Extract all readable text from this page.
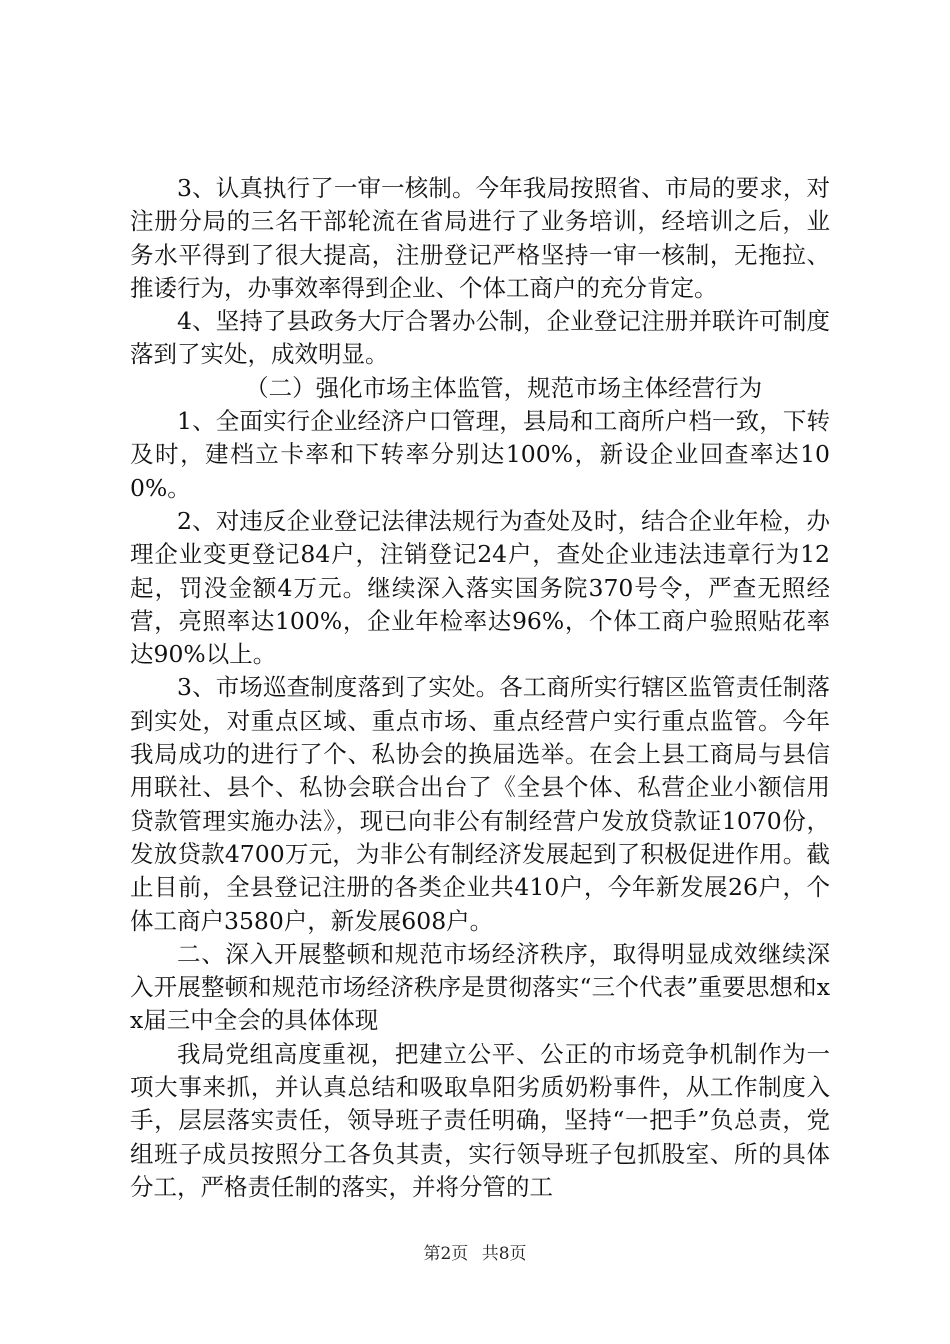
3、认真执行了一审一核制。今年我局按照省、市局的要求，对注册分局的三名干部轮流在省局进行了业务培训，经培训之后，业务水平得到了很大提高，注册登记严格坚持一审一核制，无拖拉、推诿行为，办事效率得到企业、个体工商户的充分肯定。

4、坚持了县政务大厅合署办公制，企业登记注册并联许可制度落到了实处，成效明显。

（二）强化市场主体监管，规范市场主体经营行为

1、全面实行企业经济户口管理，县局和工商所户档一致，下转及时，建档立卡率和下转率分别达100%，新设企业回查率达100%。

2、对违反企业登记法律法规行为查处及时，结合企业年检，办理企业变更登记84户，注销登记24户，查处企业违法违章行为12起，罚没金额4万元。继续深入落实国务院370号令，严查无照经营，亮照率达100%，企业年检率达96%，个体工商户验照贴花率达90%以上。

3、市场巡查制度落到了实处。各工商所实行辖区监管责任制落到实处，对重点区域、重点市场、重点经营户实行重点监管。今年我局成功的进行了个、私协会的换届选举。在会上县工商局与县信用联社、县个、私协会联合出台了《全县个体、私营企业小额信用贷款管理实施办法》，现已向非公有制经营户发放贷款证1070份，发放贷款4700万元，为非公有制经济发展起到了积极促进作用。截止目前，全县登记注册的各类企业共410户，今年新发展26户，个体工商户3580户，新发展608户。

二、深入开展整顿和规范市场经济秩序，取得明显成效继续深入开展整顿和规范市场经济秩序是贯彻落实“三个代表”重要思想和xx届三中全会的具体体现

我局党组高度重视，把建立公平、公正的市场竞争机制作为一项大事来抓，并认真总结和吸取阜阳劣质奶粉事件，从工作制度入手，层层落实责任，领导班子责任明确，坚持“一把手”负总责，党组班子成员按照分工各负其责，实行领导班子包抓股室、所的具体分工，严格责任制的落实，并将分管的工

第2页 共8页
